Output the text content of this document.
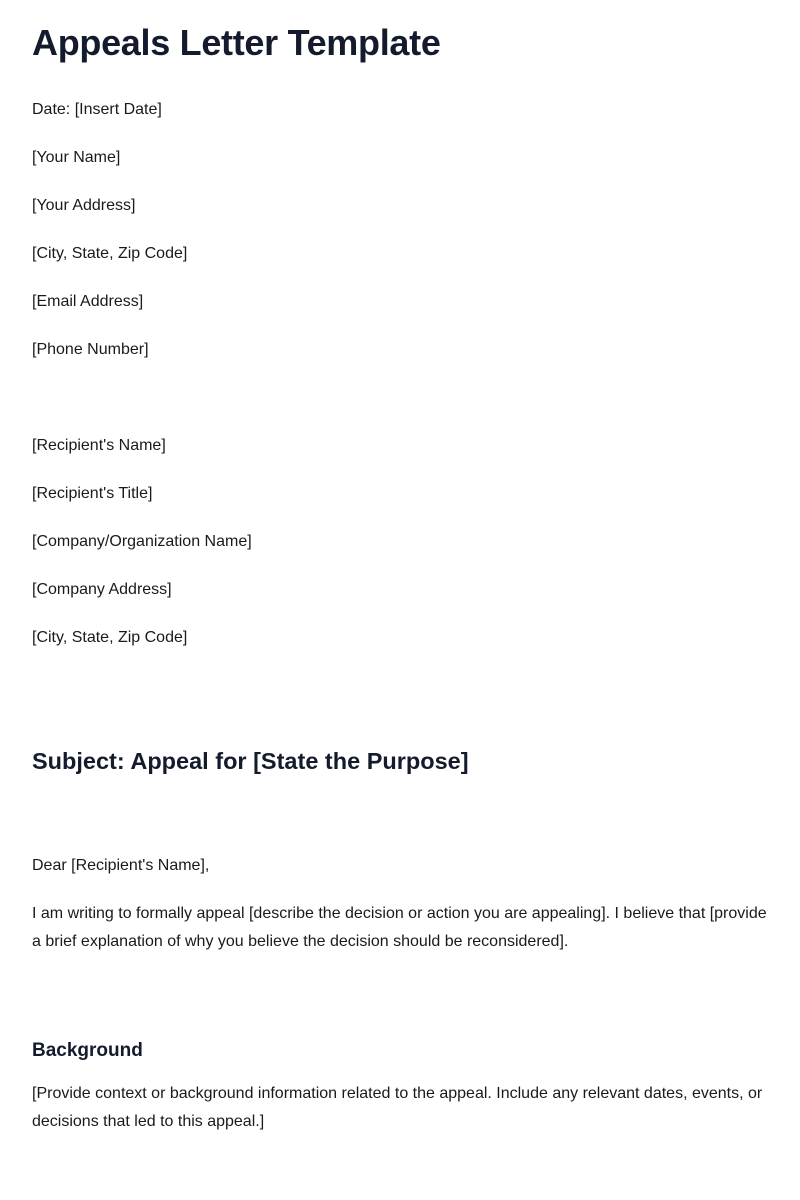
Appeals Letter Template

Date: [Insert Date]

[Your Name]

[Your Address]

[City, State, Zip Code]

[Email Address]

[Phone Number]

[Recipient's Name]

[Recipient's Title]

[Company/Organization Name]

[Company Address]

[City, State, Zip Code]

Subject: Appeal for [State the Purpose]

Dear [Recipient's Name],

I am writing to formally appeal [describe the decision or action you are appealing]. I believe that [provide a brief explanation of why you believe the decision should be reconsidered].

Background

[Provide context or background information related to the appeal. Include any relevant dates, events, or decisions that led to this appeal.]
